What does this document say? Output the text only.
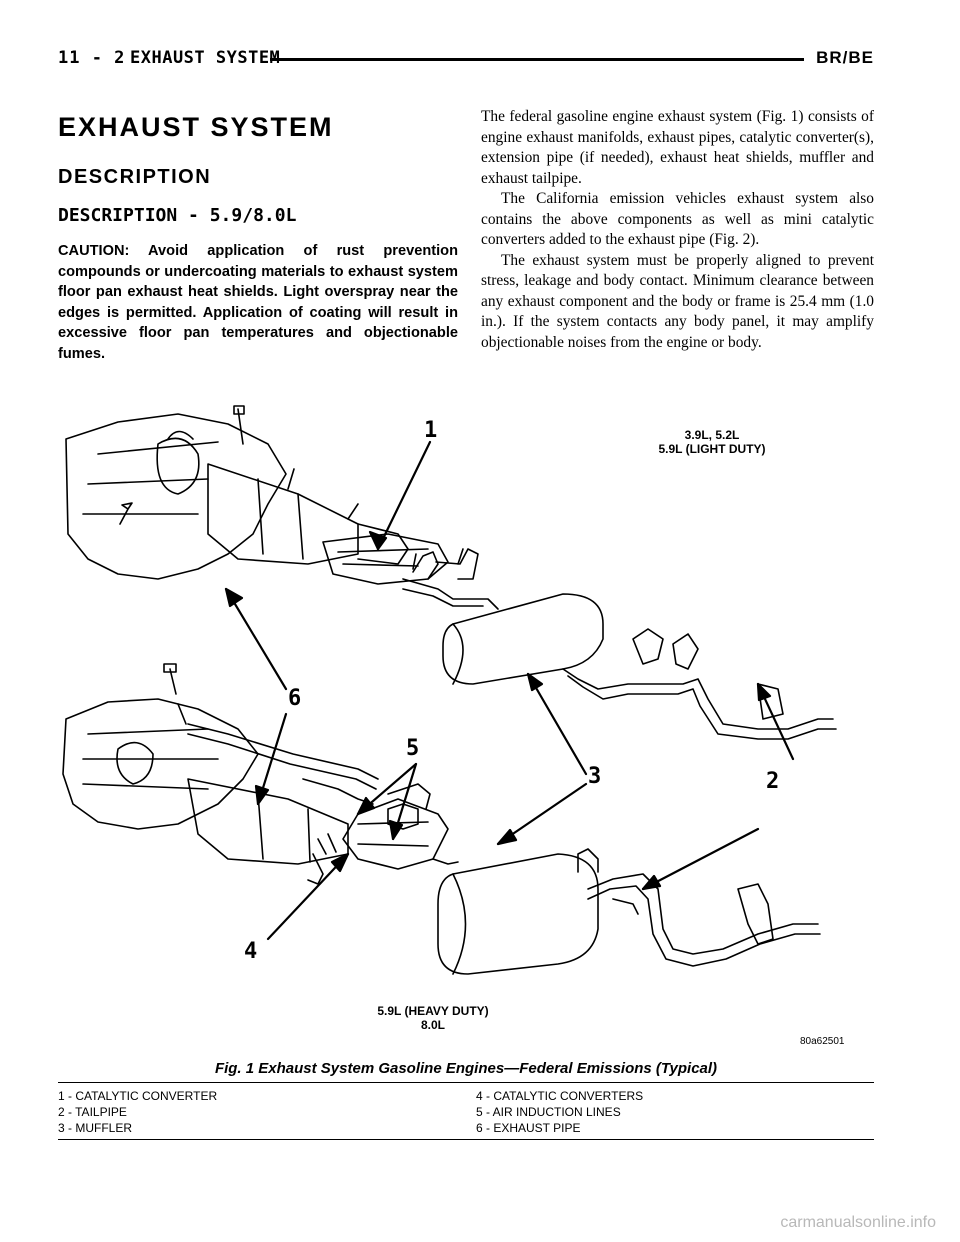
11 - 2 EXHAUST SYSTEM	BR/BE
EXHAUST SYSTEM
DESCRIPTION
DESCRIPTION - 5.9/8.0L
CAUTION: Avoid application of rust prevention compounds or undercoating materials to exhaust system floor pan exhaust heat shields. Light overspray near the edges is permitted. Application of coating will result in excessive floor pan temperatures and objectionable fumes.

The federal gasoline engine exhaust system (Fig. 1) consists of engine exhaust manifolds, exhaust pipes, catalytic converter(s), extension pipe (if needed), exhaust heat shields, muffler and exhaust tailpipe.

The California emission vehicles exhaust system also contains the above components as well as mini catalytic converters added to the exhaust pipe (Fig. 2).

The exhaust system must be properly aligned to prevent stress, leakage and body contact. Minimum clearance between any exhaust component and the body or frame is 25.4 mm (1.0 in.). If the system contacts any body panel, it may amplify objectionable noises from the engine or body.

3.9L, 5.2L
5.9L (LIGHT DUTY)
5.9L (HEAVY DUTY)
8.0L
1
2
3
4
5
6
80a62501
Fig. 1 Exhaust System Gasoline Engines—Federal Emissions (Typical)
1 - CATALYTIC CONVERTER
2 - TAILPIPE
3 - MUFFLER
4 - CATALYTIC CONVERTERS
5 - AIR INDUCTION LINES
6 - EXHAUST PIPE
carmanualsonline.info
